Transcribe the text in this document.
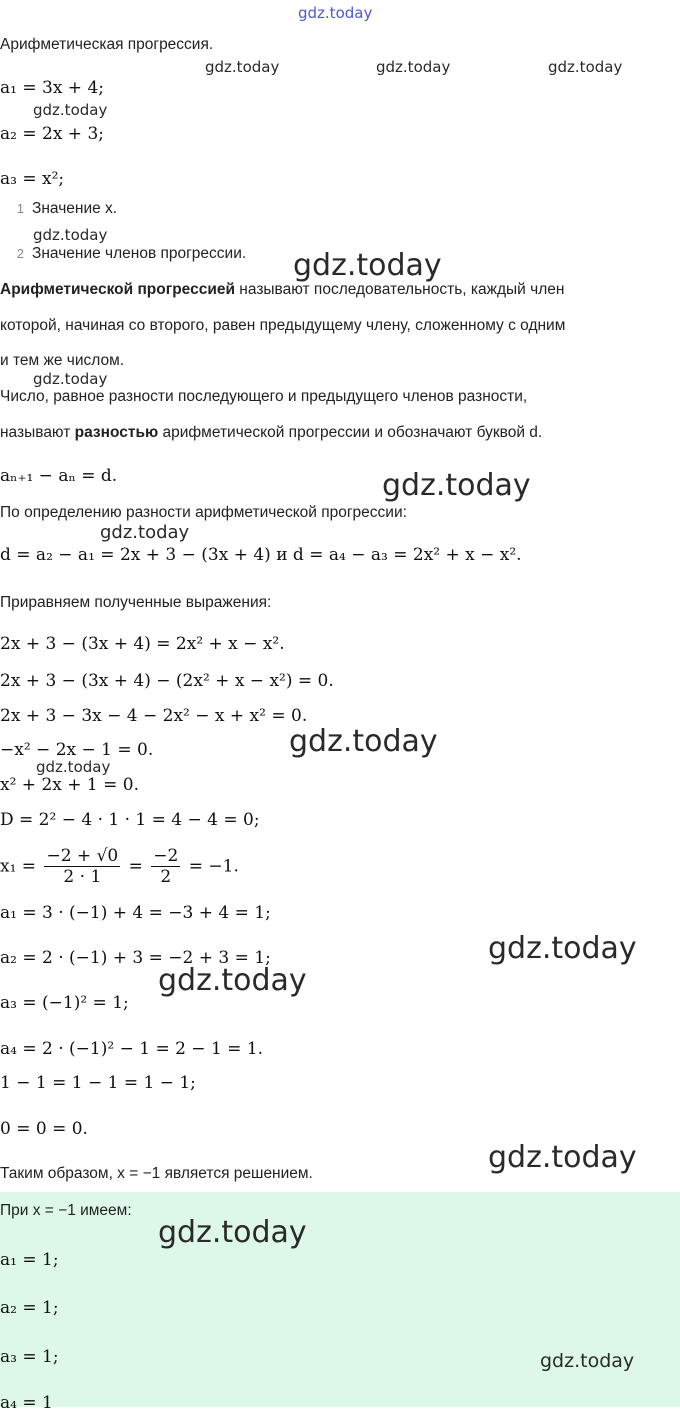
Арифметическая прогрессия.
a₁ = 3x + 4;
a₂ = 2x + 3;
a₃ = x²;
1 Значение x.
2 Значение членов прогрессии.
Арифметической прогрессией называют последовательность, каждый член
которой, начиная со второго, равен предыдущему члену, сложенному с одним
и тем же числом.
Число, равное разности последующего и предыдущего членов разности,
называют разностью арифметической прогрессии и обозначают буквой d.
aₙ₊₁ − aₙ = d.
По определению разности арифметической прогрессии:
d = a₂ − a₁ = 2x + 3 − (3x + 4) и d = a₄ − a₃ = 2x² + x − x².
Приравняем полученные выражения:
2x + 3 − (3x + 4) = 2x² + x − x².
2x + 3 − (3x + 4) − (2x² + x − x²) = 0.
2x + 3 − 3x − 4 − 2x² − x + x² = 0.
−x² − 2x − 1 = 0.
x² + 2x + 1 = 0.
D = 2² − 4 · 1 · 1 = 4 − 4 = 0;
$x_1 = \frac{-2 + √0}{2 \cdot 1} = \frac{-2}{2} = -1$.
a₁ = 3 · (−1) + 4 = −3 + 4 = 1;
a₂ = 2 · (−1) + 3 = −2 + 3 = 1;
a₃ = (−1)² = 1;
a₄ = 2 · (−1)² − 1 = 2 − 1 = 1.
1 − 1 = 1 − 1 = 1 − 1;
0 = 0 = 0.
Таким образом, x = −1 является решением.
При x = −1 имеем:
a₁ = 1;
a₂ = 1;
a₃ = 1;
a₄ = 1
gdz.today
gdz.today	gdz.today	gdz.today
gdz.today
gdz.today
gdz.today
gdz.today
gdz.today
gdz.today
gdz.today
gdz.today
gdz.today
gdz.today
gdz.today
gdz.today
gdz.today
